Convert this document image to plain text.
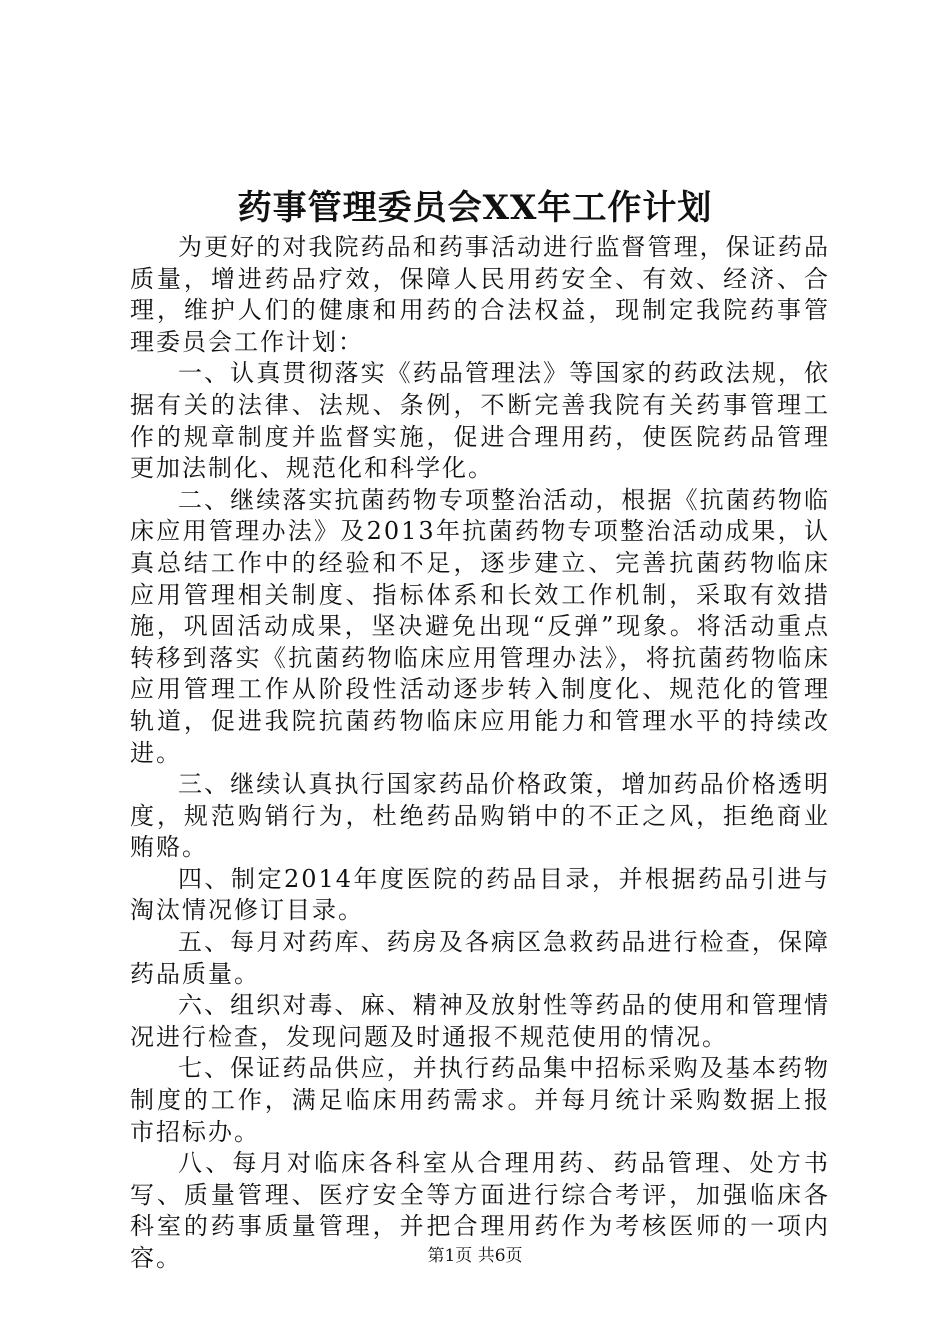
药事管理委员会XX年工作计划

为更好的对我院药品和药事活动进行监督管理，保证药品质量，增进药品疗效，保障人民用药安全、有效、经济、合理，维护人们的健康和用药的合法权益，现制定我院药事管理委员会工作计划：

一、认真贯彻落实《药品管理法》等国家的药政法规，依据有关的法律、法规、条例，不断完善我院有关药事管理工作的规章制度并监督实施，促进合理用药，使医院药品管理更加法制化、规范化和科学化。

二、继续落实抗菌药物专项整治活动，根据《抗菌药物临床应用管理办法》及2013年抗菌药物专项整治活动成果，认真总结工作中的经验和不足，逐步建立、完善抗菌药物临床应用管理相关制度、指标体系和长效工作机制，采取有效措施，巩固活动成果，坚决避免出现“反弹”现象。将活动重点转移到落实《抗菌药物临床应用管理办法》，将抗菌药物临床应用管理工作从阶段性活动逐步转入制度化、规范化的管理轨道，促进我院抗菌药物临床应用能力和管理水平的持续改进。

三、继续认真执行国家药品价格政策，增加药品价格透明度，规范购销行为，杜绝药品购销中的不正之风，拒绝商业贿赂。

四、制定2014年度医院的药品目录，并根据药品引进与淘汰情况修订目录。

五、每月对药库、药房及各病区急救药品进行检查，保障药品质量。

六、组织对毒、麻、精神及放射性等药品的使用和管理情况进行检查，发现问题及时通报不规范使用的情况。

七、保证药品供应，并执行药品集中招标采购及基本药物制度的工作，满足临床用药需求。并每月统计采购数据上报市招标办。

八、每月对临床各科室从合理用药、药品管理、处方书写、质量管理、医疗安全等方面进行综合考评，加强临床各科室的药事质量管理，并把合理用药作为考核医师的一项内容。	第1页 共6页
